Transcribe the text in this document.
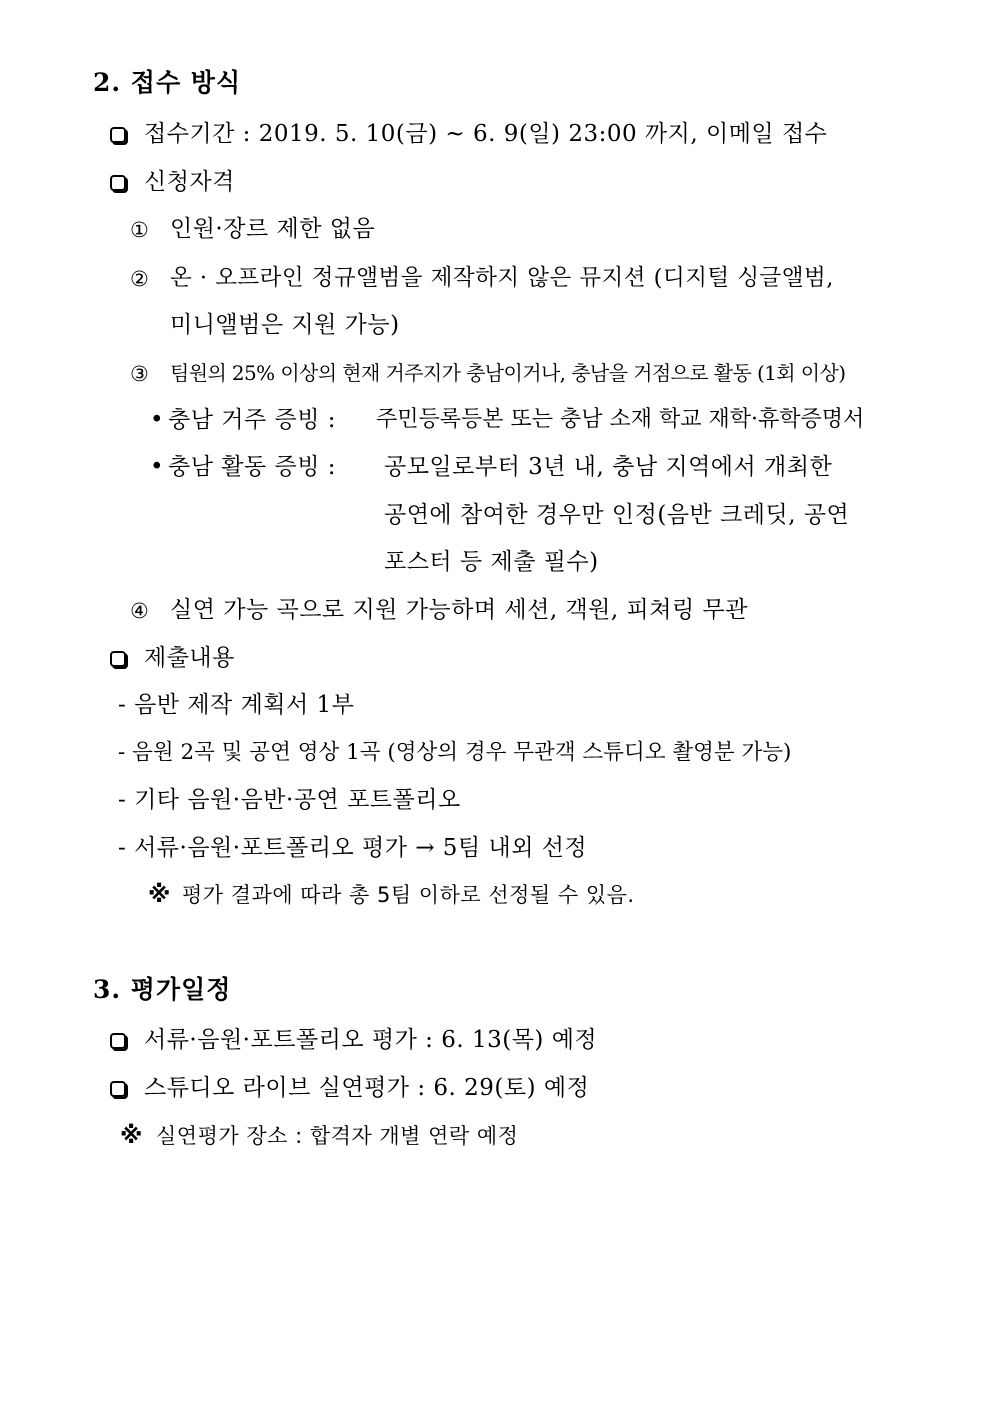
2. 접수 방식
접수기간 : 2019. 5. 10(금) ~ 6. 9(일) 23:00 까지, 이메일 접수
신청자격
① 인원·장르 제한 없음
② 온 · 오프라인 정규앨범을 제작하지 않은 뮤지션 (디지털 싱글앨범,
미니앨범은 지원 가능)
③ 팀원의 25% 이상의 현재 거주지가 충남이거나, 충남을 거점으로 활동 (1회 이상)
• 충남 거주 증빙 : 주민등록등본 또는 충남 소재 학교 재학·휴학증명서
• 충남 활동 증빙 : 공모일로부터 3년 내, 충남 지역에서 개최한
공연에 참여한 경우만 인정(음반 크레딧, 공연
포스터 등 제출 필수)
④ 실연 가능 곡으로 지원 가능하며 세션, 객원, 피쳐링 무관
제출내용
- 음반 제작 계획서 1부
- 음원 2곡 및 공연 영상 1곡 (영상의 경우 무관객 스튜디오 촬영분 가능)
- 기타 음원·음반·공연 포트폴리오
- 서류·음원·포트폴리오 평가 → 5팀 내외 선정
※ 평가 결과에 따라 총 5팀 이하로 선정될 수 있음.
3. 평가일정
서류·음원·포트폴리오 평가 : 6. 13(목) 예정
스튜디오 라이브 실연평가 : 6. 29(토) 예정
※ 실연평가 장소 : 합격자 개별 연락 예정
